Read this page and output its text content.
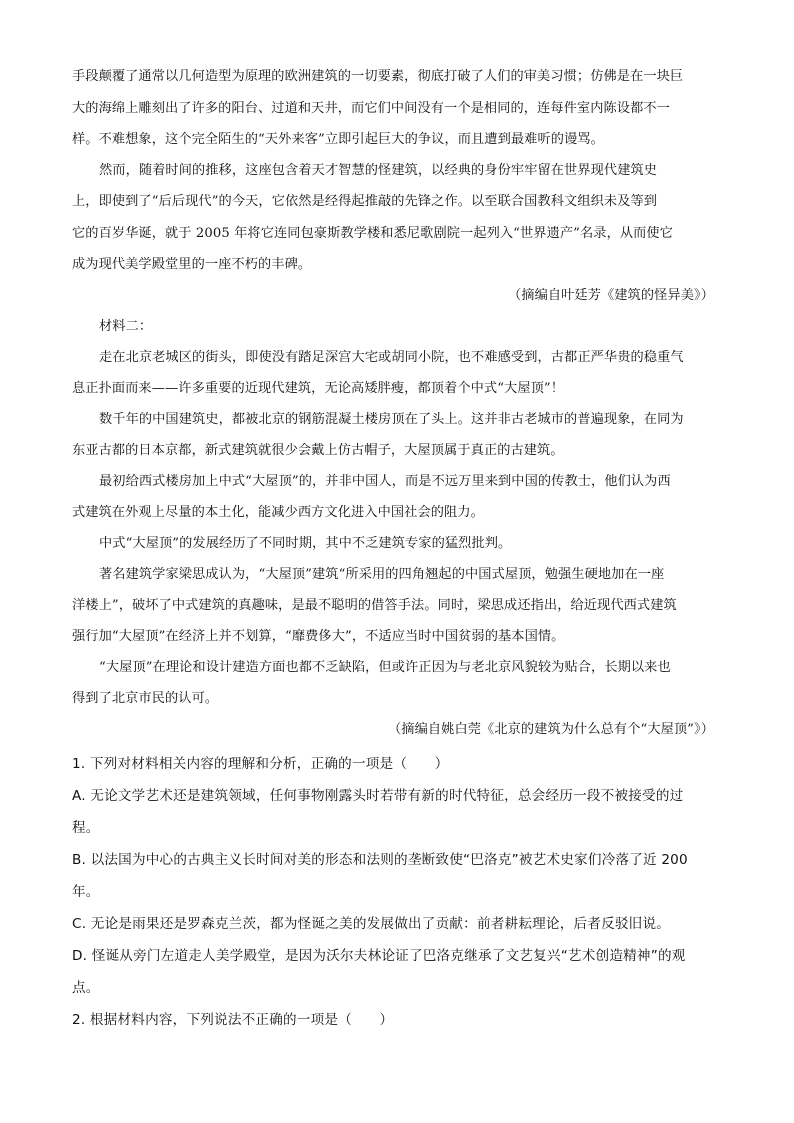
手段颠覆了通常以几何造型为原理的欧洲建筑的一切要素，彻底打破了人们的审美习惯；仿佛是在一块巨
大的海绵上雕刻出了许多的阳台、过道和天井，而它们中间没有一个是相同的，连每件室内陈设都不一
样。不难想象，这个完全陌生的“天外来客”立即引起巨大的争议，而且遭到最难听的谩骂。
然而，随着时间的推移，这座包含着天才智慧的怪建筑，以经典的身份牢牢留在世界现代建筑史
上，即使到了“后后现代”的今天，它依然是经得起推敲的先锋之作。以至联合国教科文组织未及等到
它的百岁华诞，就于 2005 年将它连同包豪斯教学楼和悉尼歌剧院一起列入“世界遗产”名录，从而使它
成为现代美学殿堂里的一座不朽的丰碑。
（摘编自叶廷芳《建筑的怪异美》）
材料二：
走在北京老城区的街头，即使没有踏足深宫大宅或胡同小院，也不难感受到，古都正严华贵的稳重气
息正扑面而来——许多重要的近现代建筑，无论高矮胖瘦，都顶着个中式“大屋顶”！
数千年的中国建筑史，都被北京的钢筋混凝土楼房顶在了头上。这并非古老城市的普遍现象，在同为
东亚古都的日本京都，新式建筑就很少会戴上仿古帽子，大屋顶属于真正的古建筑。
最初给西式楼房加上中式“大屋顶”的，并非中国人，而是不远万里来到中国的传教士，他们认为西
式建筑在外观上尽量的本土化，能减少西方文化进入中国社会的阻力。
中式“大屋顶”的发展经历了不同时期，其中不乏建筑专家的猛烈批判。
著名建筑学家梁思成认为，“大屋顶”建筑“所采用的四角翘起的中国式屋顶，勉强生硬地加在一座
洋楼上”，破坏了中式建筑的真趣味，是最不聪明的借答手法。同时，梁思成还指出，给近现代西式建筑
强行加“大屋顶”在经济上并不划算，“靡费侈大”，不适应当时中国贫弱的基本国情。
“大屋顶”在理论和设计建造方面也都不乏缺陷，但或许正因为与老北京风貌较为贴合，长期以来也
得到了北京市民的认可。
（摘编自姚白莞《北京的建筑为什么总有个“大屋顶”》）
1. 下列对材料相关内容的理解和分析，正确的一项是（　　）
A. 无论文学艺术还是建筑领域，任何事物刚露头时若带有新的时代特征，总会经历一段不被接受的过
程。
B. 以法国为中心的古典主义长时间对美的形态和法则的垄断致使“巴洛克”被艺术史家们冷落了近 200
年。
C. 无论是雨果还是罗森克兰茨，都为怪诞之美的发展做出了贡献：前者耕耘理论，后者反驳旧说。
D. 怪诞从旁门左道走人美学殿堂，是因为沃尔夫林论证了巴洛克继承了文艺复兴“艺术创造精神”的观
点。
2. 根据材料内容，下列说法不正确的一项是（　　）
